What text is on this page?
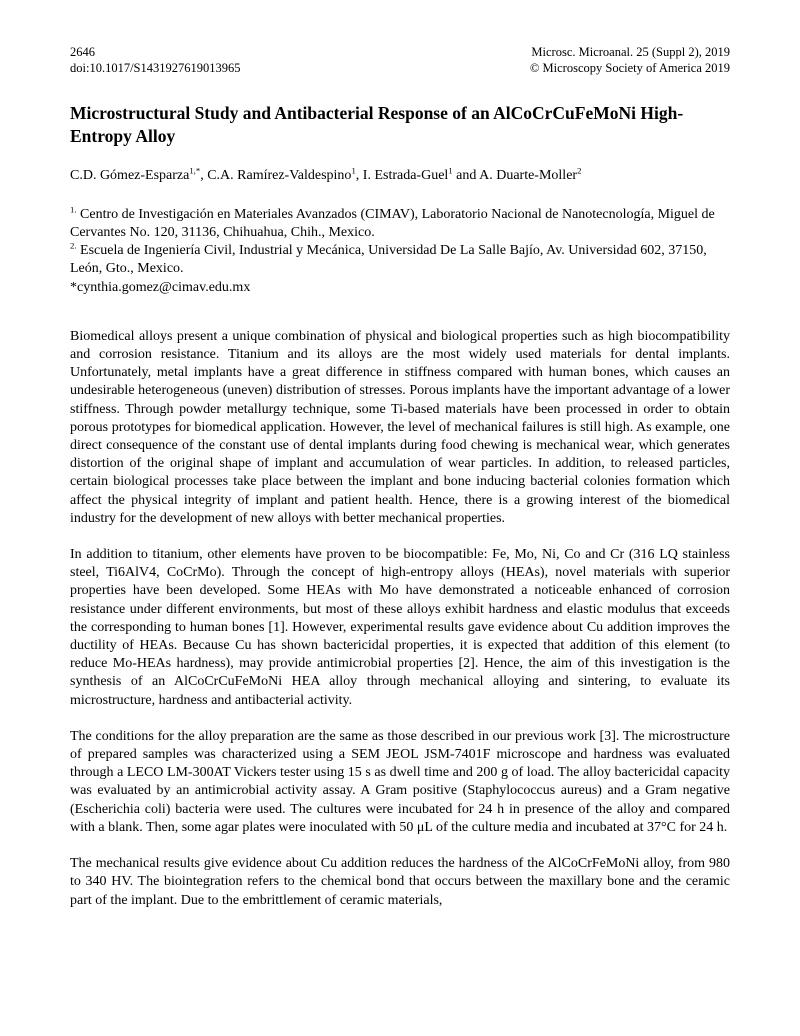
2646
doi:10.1017/S1431927619013965
Microsc. Microanal. 25 (Suppl 2), 2019
© Microscopy Society of America 2019
Microstructural Study and Antibacterial Response of an AlCoCrCuFeMoNi High-Entropy Alloy

C.D. Gómez-Esparza$^{1,*}$, C.A. Ramírez-Valdespino$^1$, I. Estrada-Guel$^1$ and A. Duarte-Moller$^2$

$^{1.}$ Centro de Investigación en Materiales Avanzados (CIMAV), Laboratorio Nacional de Nanotecnología, Miguel de Cervantes No. 120, 31136, Chihuahua, Chih., Mexico.

$^{2.}$ Escuela de Ingeniería Civil, Industrial y Mecánica, Universidad De La Salle Bajío, Av. Universidad 602, 37150, León, Gto., Mexico.

*cynthia.gomez@cimav.edu.mx

Biomedical alloys present a unique combination of physical and biological properties such as high biocompatibility and corrosion resistance. Titanium and its alloys are the most widely used materials for dental implants. Unfortunately, metal implants have a great difference in stiffness compared with human bones, which causes an undesirable heterogeneous (uneven) distribution of stresses. Porous implants have the important advantage of a lower stiffness. Through powder metallurgy technique, some Ti-based materials have been processed in order to obtain porous prototypes for biomedical application. However, the level of mechanical failures is still high. As example, one direct consequence of the constant use of dental implants during food chewing is mechanical wear, which generates distortion of the original shape of implant and accumulation of wear particles. In addition, to released particles, certain biological processes take place between the implant and bone inducing bacterial colonies formation which affect the physical integrity of implant and patient health. Hence, there is a growing interest of the biomedical industry for the development of new alloys with better mechanical properties.

In addition to titanium, other elements have proven to be biocompatible: Fe, Mo, Ni, Co and Cr (316 LQ stainless steel, Ti6AlV4, CoCrMo). Through the concept of high-entropy alloys (HEAs), novel materials with superior properties have been developed. Some HEAs with Mo have demonstrated a noticeable enhanced of corrosion resistance under different environments, but most of these alloys exhibit hardness and elastic modulus that exceeds the corresponding to human bones [1]. However, experimental results gave evidence about Cu addition improves the ductility of HEAs. Because Cu has shown bactericidal properties, it is expected that addition of this element (to reduce Mo-HEAs hardness), may provide antimicrobial properties [2]. Hence, the aim of this investigation is the synthesis of an AlCoCrCuFeMoNi HEA alloy through mechanical alloying and sintering, to evaluate its microstructure, hardness and antibacterial activity.

The conditions for the alloy preparation are the same as those described in our previous work [3]. The microstructure of prepared samples was characterized using a SEM JEOL JSM-7401F microscope and hardness was evaluated through a LECO LM-300AT Vickers tester using 15 s as dwell time and 200 g of load. The alloy bactericidal capacity was evaluated by an antimicrobial activity assay. A Gram positive (Staphylococcus aureus) and a Gram negative (Escherichia coli) bacteria were used. The cultures were incubated for 24 h in presence of the alloy and compared with a blank. Then, some agar plates were inoculated with 50 μL of the culture media and incubated at 37°C for 24 h.

The mechanical results give evidence about Cu addition reduces the hardness of the AlCoCrFeMoNi alloy, from 980 to 340 HV. The biointegration refers to the chemical bond that occurs between the maxillary bone and the ceramic part of the implant. Due to the embrittlement of ceramic materials,
